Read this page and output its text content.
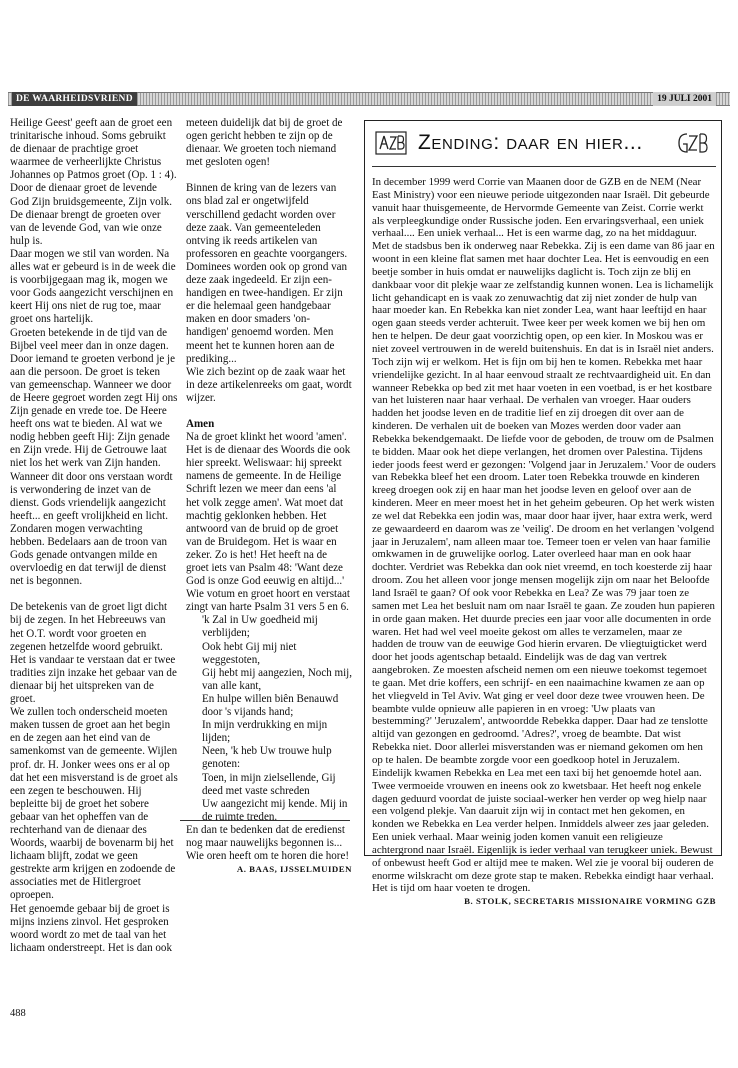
DE WAARHEIDSVRIEND	19 JULI 2001

Heilige Geest' geeft aan de groet een trinitarische inhoud. Soms gebruikt de dienaar de prachtige groet waarmee de verheerlijkte Christus Johannes op Patmos groet (Op. 1 : 4). Door de dienaar groet de levende God Zijn bruidsgemeente, Zijn volk. De dienaar brengt de groeten over van de levende God, van wie onze hulp is.

Daar mogen we stil van worden. Na alles wat er gebeurd is in de week die is voorbijgegaan mag ik, mogen we voor Gods aangezicht verschijnen en keert Hij ons niet de rug toe, maar groet ons hartelijk.

Groeten betekende in de tijd van de Bijbel veel meer dan in onze dagen. Door iemand te groeten verbond je je aan die persoon. De groet is teken van gemeenschap. Wanneer we door de Heere gegroet worden zegt Hij ons Zijn genade en vrede toe. De Heere heeft ons wat te bieden. Al wat we nodig hebben geeft Hij: Zijn genade en Zijn vrede. Hij de Getrouwe laat niet los het werk van Zijn handen. Wanneer dit door ons verstaan wordt is verwondering de inzet van de dienst. Gods vriendelijk aangezicht heeft... en geeft vrolijkheid en licht. Zondaren mogen verwachting hebben. Bedelaars aan de troon van Gods genade ontvangen milde en overvloedig en dat terwijl de dienst net is begonnen.

De betekenis van de groet ligt dicht bij de zegen. In het Hebreeuws van het O.T. wordt voor groeten en zegenen hetzelfde woord gebruikt.

Het is vandaar te verstaan dat er twee tradities zijn inzake het gebaar van de dienaar bij het uitspreken van de groet.

We zullen toch onderscheid moeten maken tussen de groet aan het begin en de zegen aan het eind van de samenkomst van de gemeente. Wijlen prof. dr. H. Jonker wees ons er al op dat het een misverstand is de groet als een zegen te beschouwen. Hij bepleitte bij de groet het sobere gebaar van het opheffen van de rechterhand van de dienaar des Woords, waarbij de bovenarm bij het lichaam blijft, zodat we geen gestrekte arm krijgen en zodoende de associaties met de Hitlergroet oproepen.

Het genoemde gebaar bij de groet is mijns inziens zinvol. Het gesproken woord wordt zo met de taal van het lichaam onderstreept. Het is dan ook

meteen duidelijk dat bij de groet de ogen gericht hebben te zijn op de dienaar. We groeten toch niemand met gesloten ogen!

Binnen de kring van de lezers van ons blad zal er ongetwijfeld verschillend gedacht worden over deze zaak. Van gemeenteleden ontving ik reeds artikelen van professoren en geachte voorgangers. Dominees worden ook op grond van deze zaak ingedeeld. Er zijn een-handigen en twee-handigen. Er zijn er die helemaal geen handgebaar maken en door smaders 'on-handigen' genoemd worden. Men meent het te kunnen horen aan de prediking...

Wie zich bezint op de zaak waar het in deze artikelenreeks om gaat, wordt wijzer.

Amen

Na de groet klinkt het woord 'amen'. Het is de dienaar des Woords die ook hier spreekt. Weliswaar: hij spreekt namens de gemeente. In de Heilige Schrift lezen we meer dan eens 'al het volk zegge amen'. Wat moet dat machtig geklonken hebben. Het antwoord van de bruid op de groet van de Bruidegom. Het is waar en zeker. Zo is het! Het heeft na de groet iets van Psalm 48: 'Want deze God is onze God eeuwig en altijd...'

Wie votum en groet hoort en verstaat zingt van harte Psalm 31 vers 5 en 6.

'k Zal in Uw goedheid mij verblijden;

Ook hebt Gij mij niet weggestoten,

Gij hebt mij aangezien, Noch mij, van alle kant,

En hulpe willen biên Benauwd door 's vijands hand;

In mijn verdrukking en mijn lijden;

Neen, 'k heb Uw trouwe hulp genoten:

Toen, in mijn zielsellende, Gij deed met vaste schreden

Uw aangezicht mij kende. Mij in de ruimte treden.

En dan te bedenken dat de eredienst nog maar nauwelijks begonnen is... Wie oren heeft om te horen die hore!

A. BAAS, IJSSELMUIDEN
488
GZB
Zending: daar en hier...
GZB

In december 1999 werd Corrie van Maanen door de GZB en de NEM (Near East Ministry) voor een nieuwe periode uitgezonden naar Israël. Dit gebeurde vanuit haar thuisgemeente, de Hervormde Gemeente van Zeist. Corrie werkt als verpleegkundige onder Russische joden. Een ervaringsverhaal, een uniek verhaal.... Een uniek verhaal... Het is een warme dag, zo na het middaguur. Met de stadsbus ben ik onderweg naar Rebekka. Zij is een dame van 86 jaar en woont in een kleine flat samen met haar dochter Lea. Het is eenvoudig en een beetje somber in huis omdat er nauwelijks daglicht is. Toch zijn ze blij en dankbaar voor dit plekje waar ze zelfstandig kunnen wonen. Lea is lichamelijk licht gehandicapt en is vaak zo zenuwachtig dat zij niet zonder de hulp van haar moeder kan. En Rebekka kan niet zonder Lea, want haar leeftijd en haar ogen gaan steeds verder achteruit. Twee keer per week komen we bij hen om hen te helpen. De deur gaat voorzichtig open, op een kier. In Moskou was er niet zoveel vertrouwen in de wereld buitenshuis. En dat is in Israël niet anders. Toch zijn wij er welkom. Het is fijn om bij hen te komen. Rebekka met haar vriendelijke gezicht. In al haar eenvoud straalt ze rechtvaardigheid uit. En dan wanneer Rebekka op bed zit met haar voeten in een voetbad, is er het kostbare van het luisteren naar haar verhaal. De verhalen van vroeger. Haar ouders hadden het joodse leven en de traditie lief en zij droegen dit over aan de kinderen. De verhalen uit de boeken van Mozes werden door vader aan Rebekka bekendgemaakt. De liefde voor de geboden, de trouw om de Psalmen te bidden. Maar ook het diepe verlangen, het dromen over Palestina. Tijdens ieder joods feest werd er gezongen: 'Volgend jaar in Jeruzalem.' Voor de ouders van Rebekka bleef het een droom. Later toen Rebekka trouwde en kinderen kreeg droegen ook zij en haar man het joodse leven en geloof over aan de kinderen. Meer en meer moest het in het geheim gebeuren. Op het werk wisten ze wel dat Rebekka een jodin was, maar door haar ijver, haar extra werk, werd ze gewaardeerd en daarom was ze 'veilig'. De droom en het verlangen 'volgend jaar in Jeruzalem', nam alleen maar toe. Temeer toen er velen van haar familie omkwamen in de gruwelijke oorlog. Later overleed haar man en ook haar dochter. Verdriet was Rebekka dan ook niet vreemd, en toch koesterde zij haar droom. Zou het alleen voor jonge mensen mogelijk zijn om naar het Beloofde land Israël te gaan? Of ook voor Rebekka en Lea? Ze was 79 jaar toen ze samen met Lea het besluit nam om naar Israël te gaan. Ze zouden hun papieren in orde gaan maken. Het duurde precies een jaar voor alle documenten in orde waren. Het had wel veel moeite gekost om alles te verzamelen, maar ze hadden de trouw van de eeuwige God hierin ervaren. De vliegtuigticket werd door het joods agentschap betaald. Eindelijk was de dag van vertrek aangebroken. Ze moesten afscheid nemen om een nieuwe toekomst tegemoet te gaan. Met drie koffers, een schrijf- en een naaimachine kwamen ze aan op het vliegveld in Tel Aviv. Wat ging er veel door deze twee vrouwen heen. De beambte vulde opnieuw alle papieren in en vroeg: 'Uw plaats van bestemming?' 'Jeruzalem', antwoordde Rebekka dapper. Daar had ze tenslotte altijd van gezongen en gedroomd. 'Adres?', vroeg de beambte. Dat wist Rebekka niet. Door allerlei misverstanden was er niemand gekomen om hen op te halen. De beambte zorgde voor een goedkoop hotel in Jeruzalem. Eindelijk kwamen Rebekka en Lea met een taxi bij het genoemde hotel aan. Twee vermoeide vrouwen en ineens ook zo kwetsbaar. Het heeft nog enkele dagen geduurd voordat de juiste sociaal-werker hen verder op weg hielp naar een volgend plekje. Van daaruit zijn wij in contact met hen gekomen, en konden we Rebekka en Lea verder helpen. Inmiddels alweer zes jaar geleden. Een uniek verhaal. Maar weinig joden komen vanuit een religieuze achtergrond naar Israël. Eigenlijk is ieder verhaal van terugkeer uniek. Bewust of onbewust heeft God er altijd mee te maken. Wel zie je vooral bij ouderen de enorme wilskracht om deze grote stap te maken. Rebekka eindigt haar verhaal. Het is tijd om haar voeten te drogen.

B. STOLK, SECRETARIS MISSIONAIRE VORMING GZB
